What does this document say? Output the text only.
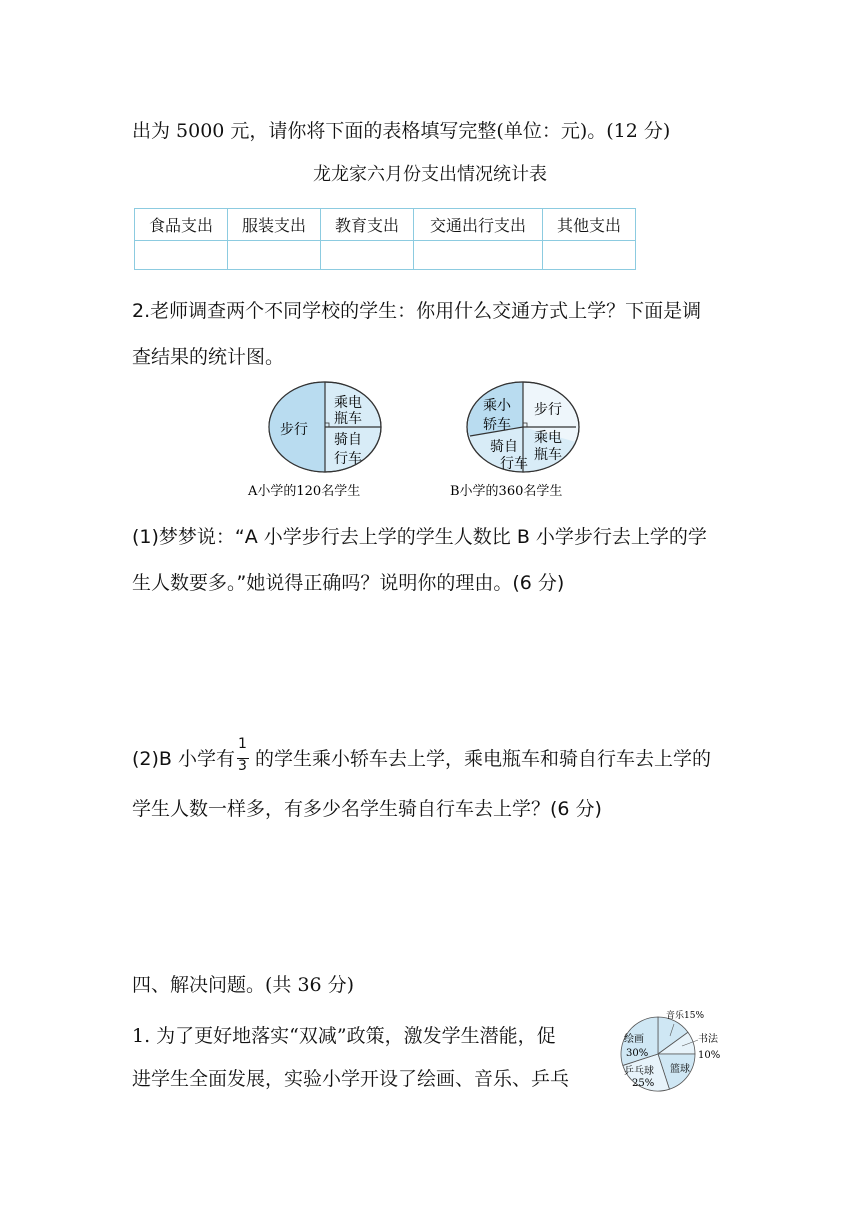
出为 5000 元，请你将下面的表格填写完整(单位：元)。(12 分)
龙龙家六月份支出情况统计表
食品支出	服装支出	教育支出	交通出行支出	其他支出

2.老师调查两个不同学校的学生：你用什么交通方式上学？下面是调
查结果的统计图。
步行
乘电
瓶车
骑自
行车
A小学的120名学生
乘小
轿车
步行
骑自
行车
乘电
瓶车
B小学的360名学生
(1)梦梦说：“A 小学步行去上学的学生人数比 B 小学步行去上学的学
生人数要多。”她说得正确吗？说明你的理由。(6 分)
(2)B 小学有 $\frac{1}{3}$ 的学生乘小轿车去上学，乘电瓶车和骑自行车去上学的
学生人数一样多，有多少名学生骑自行车去上学？(6 分)
四、解决问题。(共 36 分)
1. 为了更好地落实“双减”政策，激发学生潜能，促
进学生全面发展，实验小学开设了绘画、音乐、乒乓
音乐15%
书法
10%
篮球
乒乓球
25%
绘画
30%
